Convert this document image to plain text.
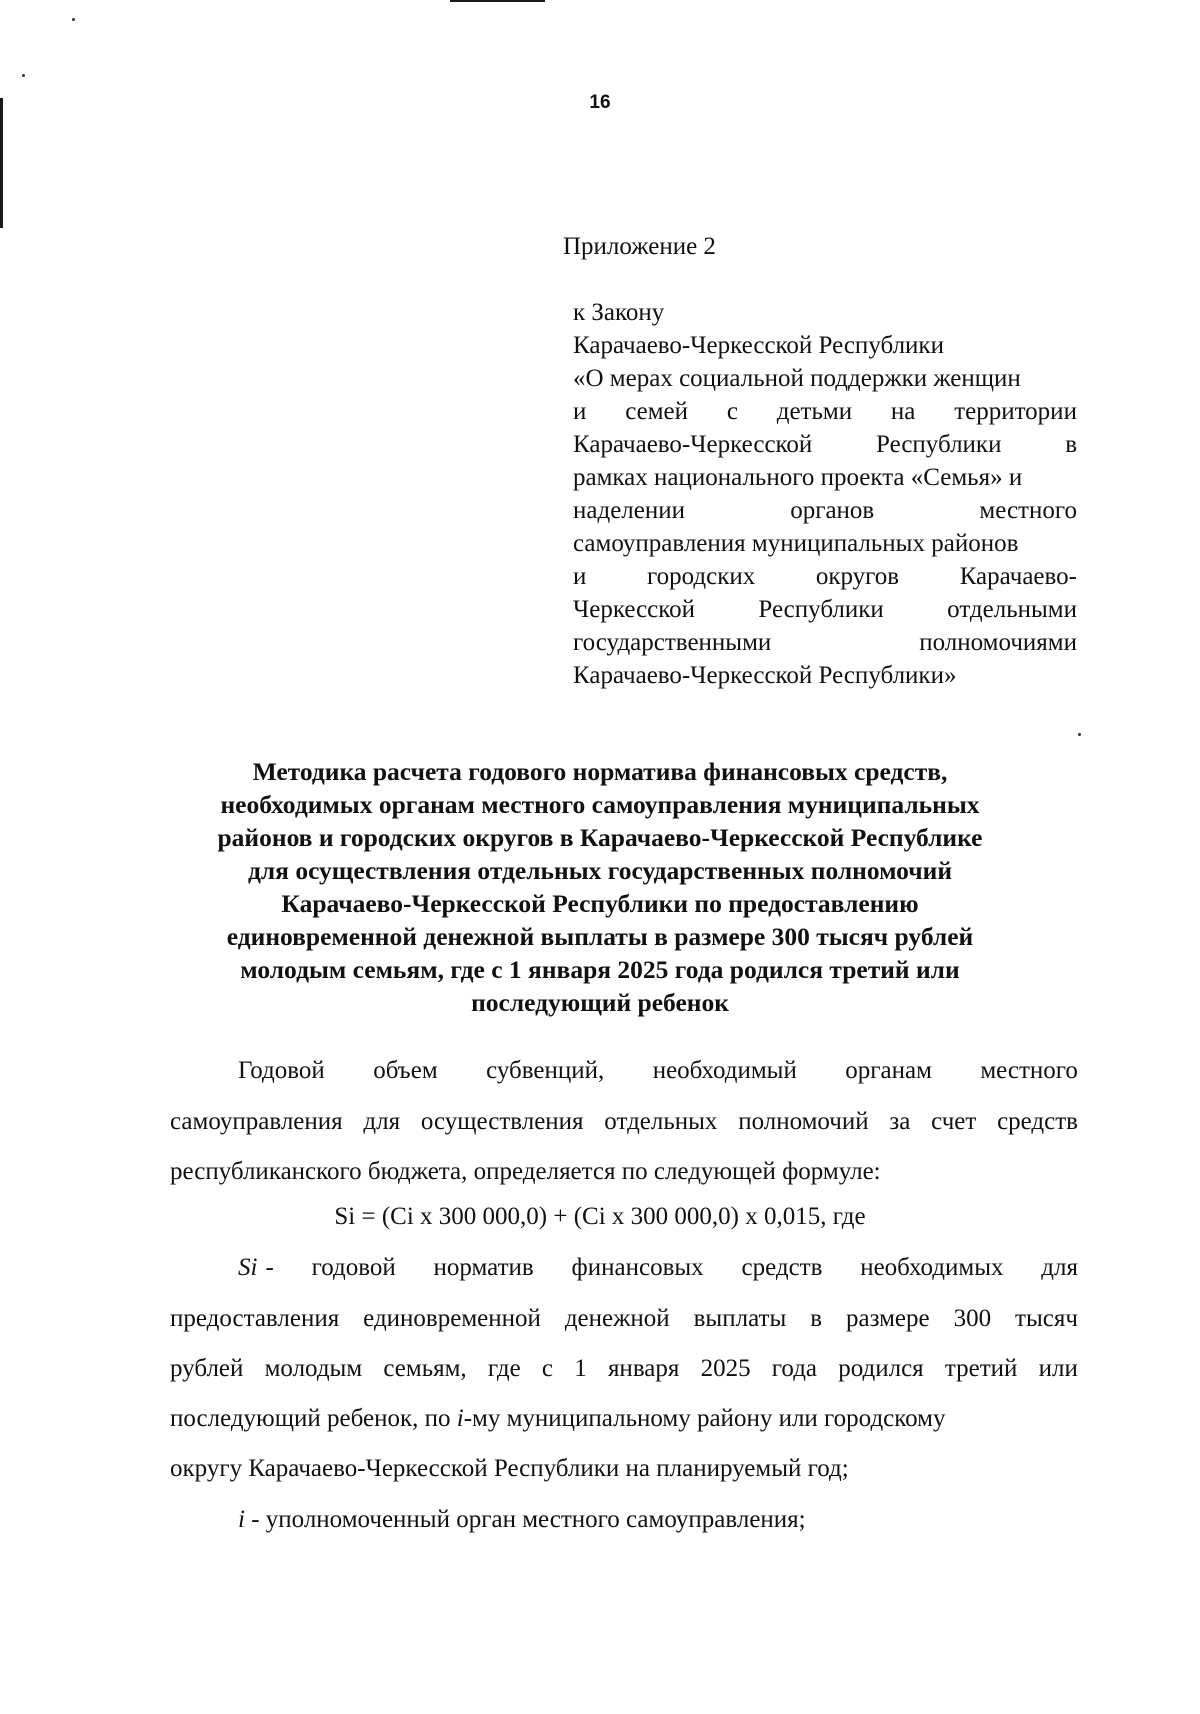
16
Приложение 2
к Закону
Карачаево-Черкесской Республики
«О мерах социальной поддержки женщин
и семей с детьми на территории
Карачаево-Черкесской	Республики	в
рамках национального проекта «Семья» и
наделении	органов	местного
самоуправления муниципальных районов
и городских округов Карачаево-
Черкесской	Республики	отдельными
государственными	полномочиями
Карачаево-Черкесской Республики»
Методика расчета годового норматива финансовых средств,
необходимых органам местного самоуправления муниципальных
районов и городских округов в Карачаево-Черкесской Республике
для осуществления отдельных государственных полномочий
Карачаево-Черкесской Республики по предоставлению
единовременной денежной выплаты в размере 300 тысяч рублей
молодым семьям, где с 1 января 2025 года родился третий или
последующий ребенок
Годовой объем субвенций, необходимый органам местного
самоуправления для осуществления отдельных полномочий за счет средств
республиканского бюджета, определяется по следующей формуле:
Si = (Ci x 300 000,0) + (Ci x 300 000,0) x 0,015, где
Si - годовой норматив финансовых средств необходимых для
предоставления единовременной денежной выплаты в размере 300 тысяч
рублей молодым семьям, где с 1 января 2025 года родился третий или
последующий ребенок, по i-му муниципальному району или городскому
округу Карачаево-Черкесской Республики на планируемый год;
i - уполномоченный орган местного самоуправления;
